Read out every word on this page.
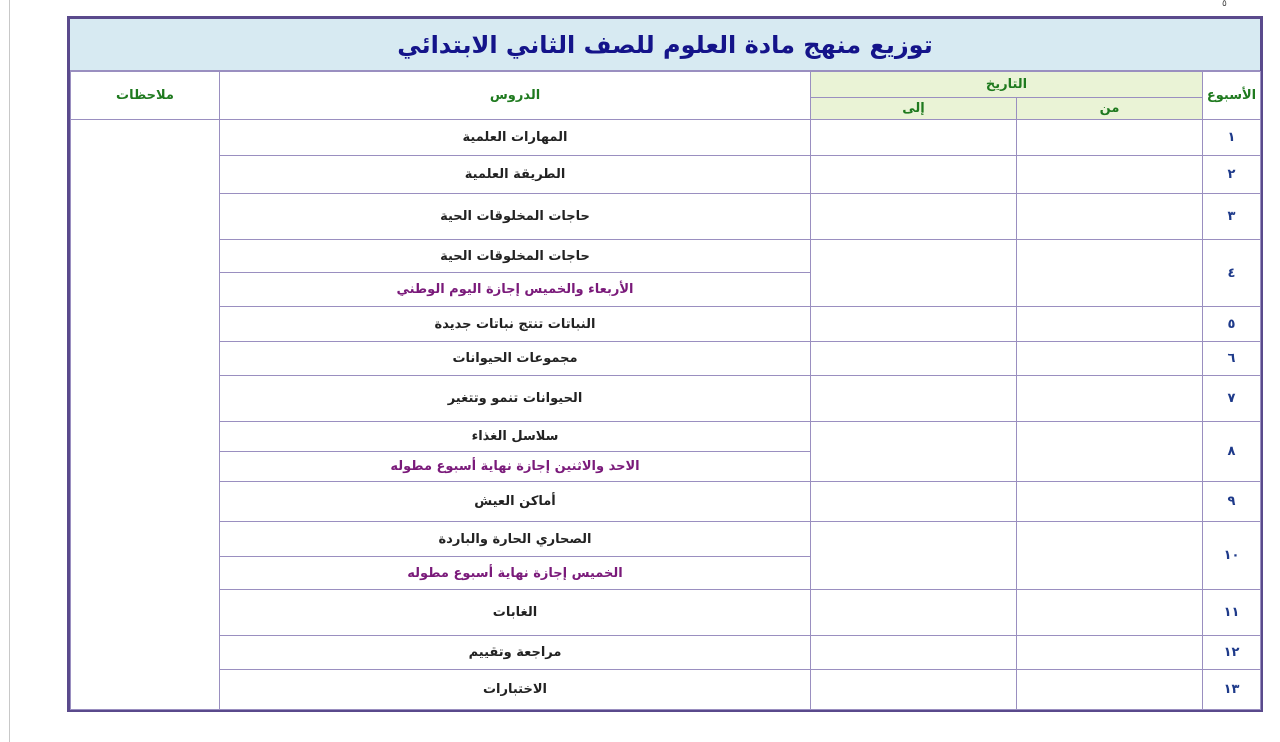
٥
توزيع منهج مادة العلوم للصف الثاني الابتدائي
الأسبوع	التاريخ		الدروس	ملاحظات
	من	إلى		
١			المهارات العلمية	
٢			الطريقة العلمية	
٣			حاجات المخلوقات الحية	
٤			حاجات المخلوقات الحية	
			الأربعاء والخميس إجازة اليوم الوطني	
٥			النباتات تنتج نباتات جديدة	
٦			مجموعات الحيوانات	
٧			الحيوانات تنمو وتتغير	
٨			سلاسل الغذاء	
			الاحد والاثنين إجازة نهاية أسبوع مطوله	
٩			أماكن العيش	
١٠			الصحاري الحارة والباردة	
			الخميس إجازة نهاية أسبوع مطوله	
١١			الغابات	
١٢			مراجعة وتقييم	
١٣			الاختبارات	
